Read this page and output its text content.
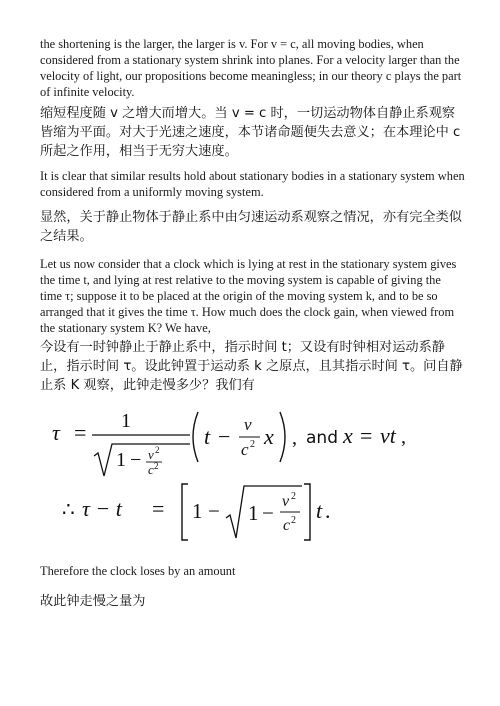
the shortening is the larger, the larger is v. For v = c, all moving bodies, when considered from a stationary system shrink into planes. For a velocity larger than the velocity of light, our propositions become meaningless; in our theory c plays the part of infinite velocity.

缩短程度随 v 之增大而增大。当 v = c 时，一切运动物体自静止系观察皆缩为平面。对大于光速之速度，本节诸命题便失去意义；在本理论中 c 所起之作用，相当于无穷大速度。

It is clear that similar results hold about stationary bodies in a stationary system when considered from a uniformly moving system.

显然，关于静止物体于静止系中由匀速运动系观察之情况，亦有完全类似之结果。

Let us now consider that a clock which is lying at rest in the stationary system gives the time t, and lying at rest relative to the moving system is capable of giving the time τ; suppose it to be placed at the origin of the moving system k, and to be so arranged that it gives the time τ. How much does the clock gain, when viewed from the stationary system K? We have,

今设有一时钟静止于静止系中，指示时间 t；又设有时钟相对运动系静止，指示时间 τ。设此钟置于运动系 k 之原点，且其指示时间 τ。问自静止系 K 观察，此钟走慢多少？我们有

τ = 1
1 − v 2
c 2
t − v
c 2 x , and x = vt ,
∴ τ − t = 1 − 1 − v 2
c 2 t .

Therefore the clock loses by an amount

故此钟走慢之量为
